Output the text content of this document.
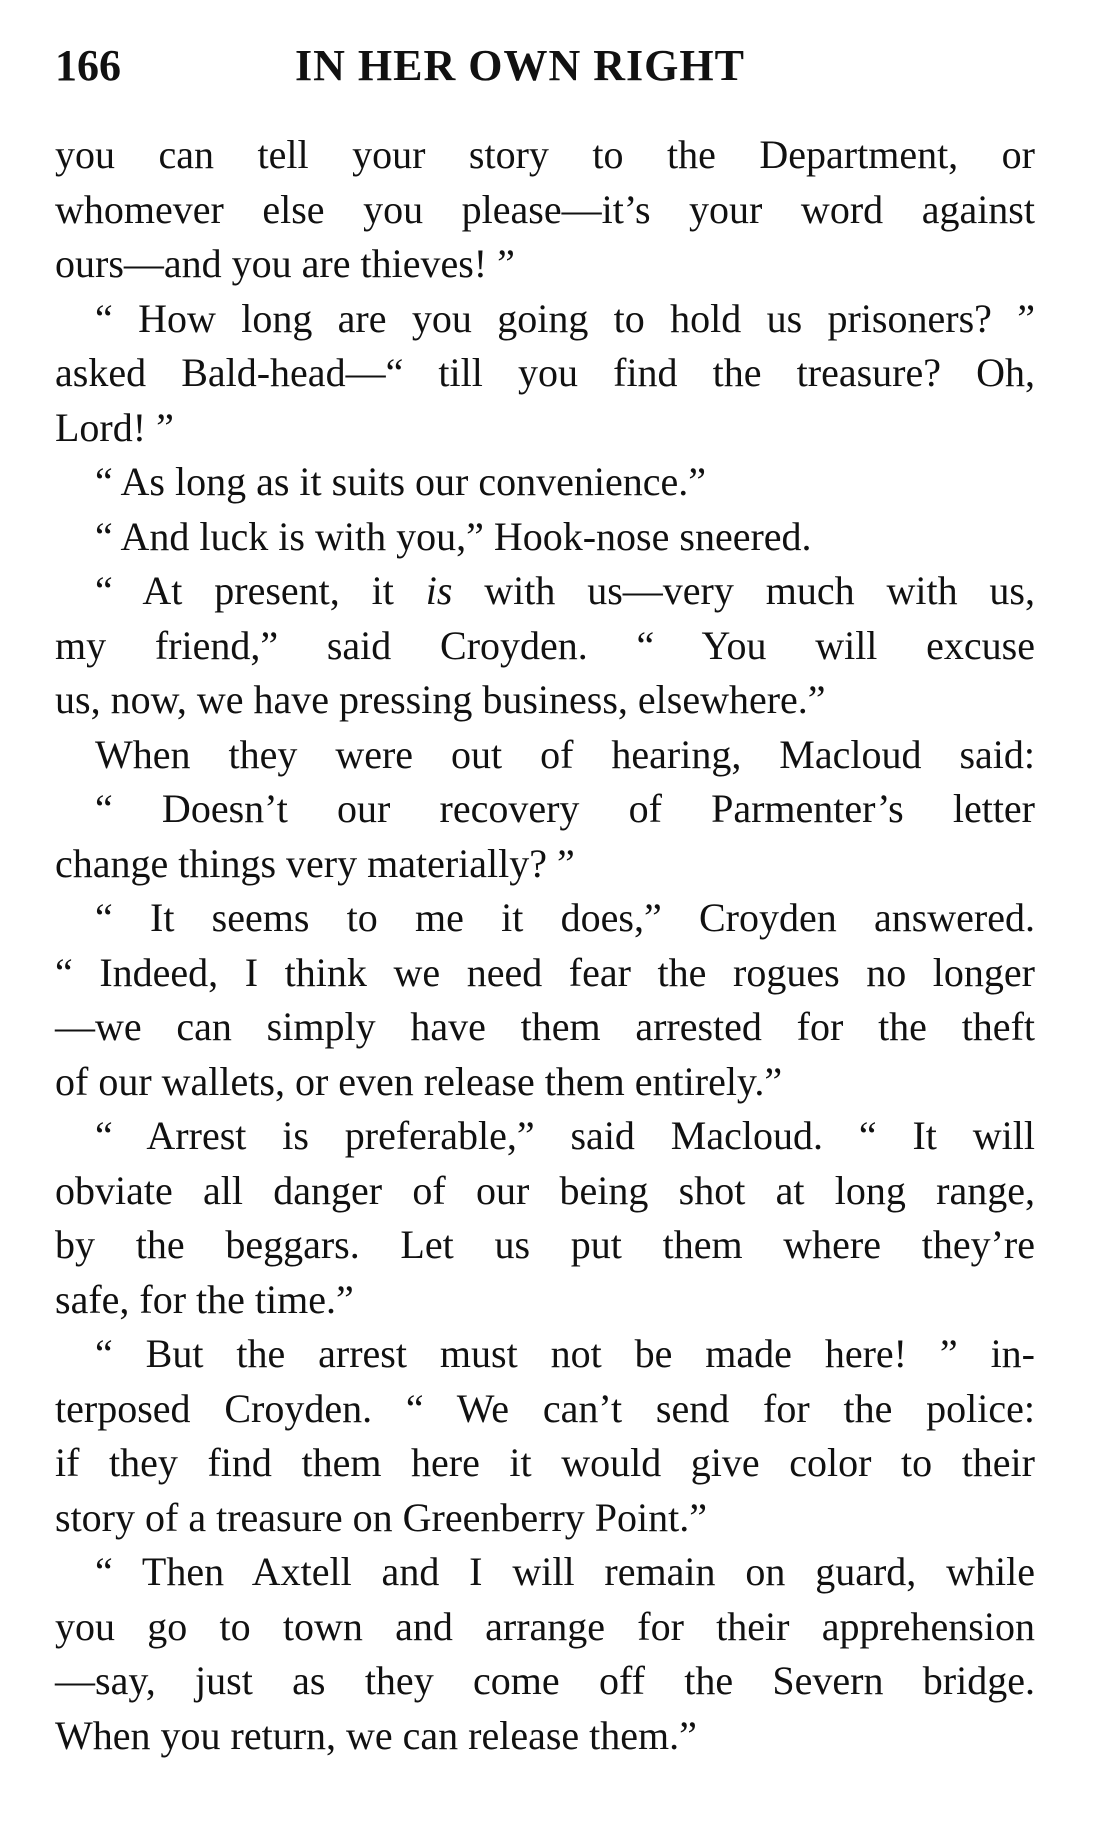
166	IN HER OWN RIGHT
you can tell your story to the Department, or
whomever else you please—it’s your word against
ours—and you are thieves! ”
“ How long are you going to hold us prisoners? ”
asked Bald-head—“ till you find the treasure? Oh,
Lord! ”
“ As long as it suits our convenience.”
“ And luck is with you,” Hook-nose sneered.
“ At present, it is with us—very much with us,
my friend,” said Croyden. “ You will excuse
us, now, we have pressing business, elsewhere.”
When they were out of hearing, Macloud said:
“ Doesn’t our recovery of Parmenter’s letter
change things very materially? ”
“ It seems to me it does,” Croyden answered.
“ Indeed, I think we need fear the rogues no longer
—we can simply have them arrested for the theft
of our wallets, or even release them entirely.”
“ Arrest is preferable,” said Macloud. “ It will
obviate all danger of our being shot at long range,
by the beggars. Let us put them where they’re
safe, for the time.”
“ But the arrest must not be made here! ” in-
terposed Croyden. “ We can’t send for the police:
if they find them here it would give color to their
story of a treasure on Greenberry Point.”
“ Then Axtell and I will remain on guard, while
you go to town and arrange for their apprehension
—say, just as they come off the Severn bridge.
When you return, we can release them.”
